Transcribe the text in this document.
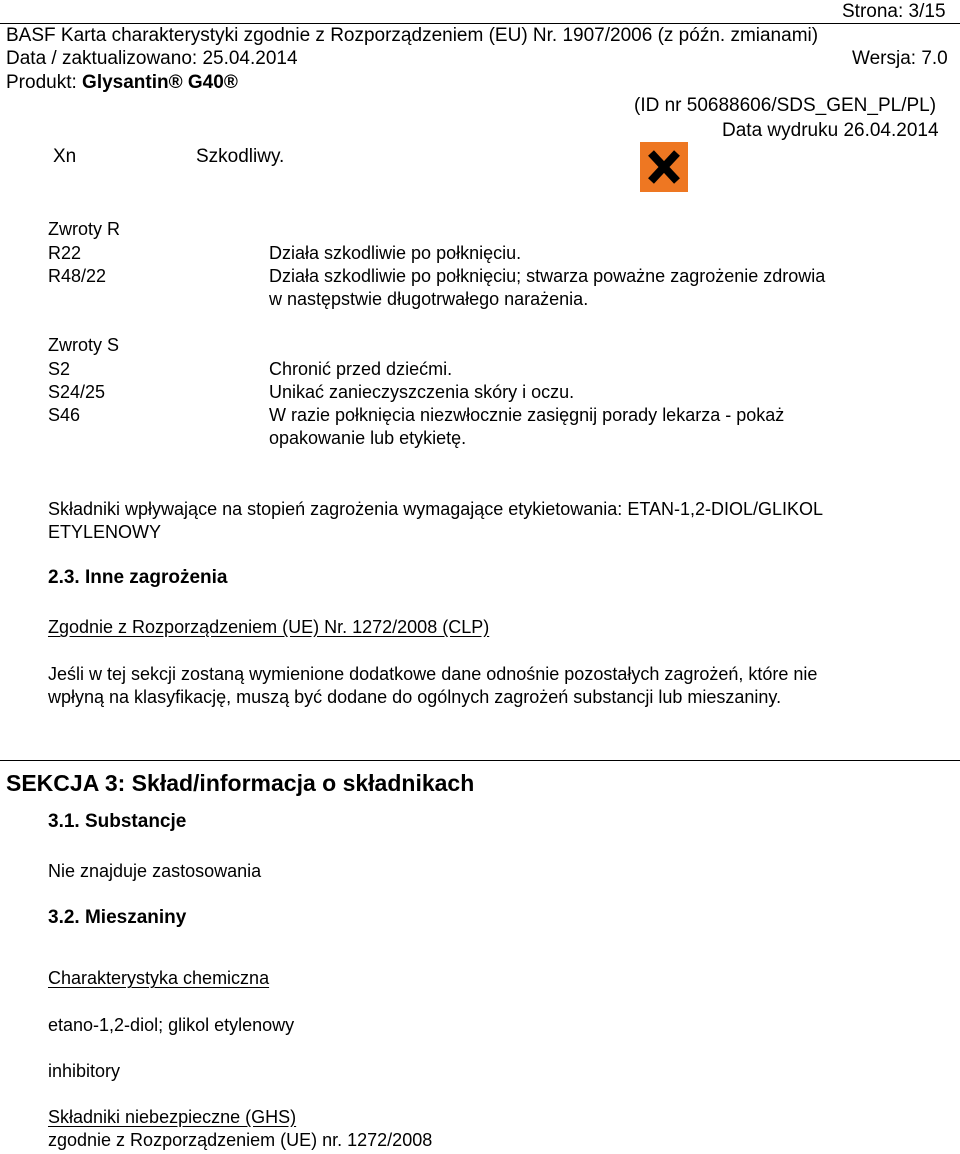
Strona: 3/15
BASF Karta charakterystyki zgodnie z Rozporządzeniem (EU) Nr. 1907/2006 (z późn. zmianami)
Data / zaktualizowano: 25.04.2014	Wersja: 7.0
Produkt: Glysantin® G40®
(ID nr 50688606/SDS_GEN_PL/PL)
Data wydruku 26.04.2014
Xn	Szkodliwy.
Zwroty R
R22	Działa szkodliwie po połknięciu.
R48/22	Działa szkodliwie po połknięciu; stwarza poważne zagrożenie zdrowia
w następstwie długotrwałego narażenia.
Zwroty S
S2	Chronić przed dziećmi.
S24/25	Unikać zanieczyszczenia skóry i oczu.
S46	W razie połknięcia niezwłocznie zasięgnij porady lekarza - pokaż
opakowanie lub etykietę.
Składniki wpływające na stopień zagrożenia wymagające etykietowania: ETAN-1,2-DIOL/GLIKOL
ETYLENOWY
2.3. Inne zagrożenia
Zgodnie z Rozporządzeniem (UE) Nr. 1272/2008 (CLP)
Jeśli w tej sekcji zostaną wymienione dodatkowe dane odnośnie pozostałych zagrożeń, które nie
wpłyną na klasyfikację, muszą być dodane do ogólnych zagrożeń substancji lub mieszaniny.
SEKCJA 3: Skład/informacja o składnikach
3.1. Substancje
Nie znajduje zastosowania
3.2. Mieszaniny
Charakterystyka chemiczna
etano-1,2-diol; glikol etylenowy
inhibitory
Składniki niebezpieczne (GHS)
zgodnie z Rozporządzeniem (UE) nr. 1272/2008
